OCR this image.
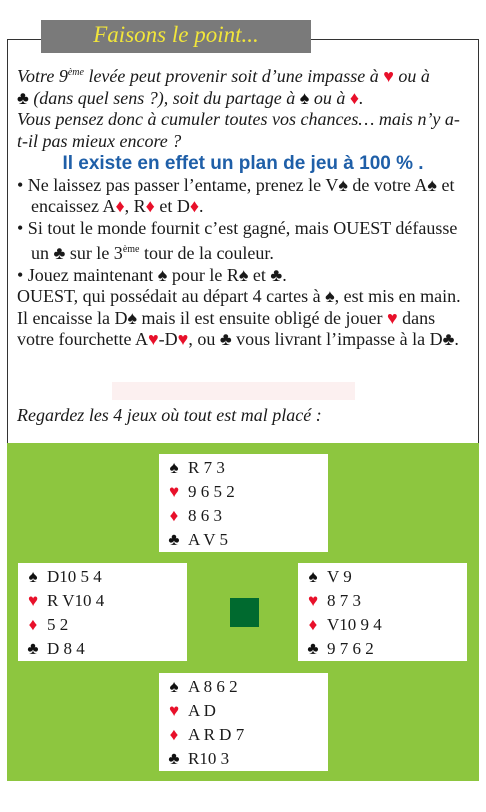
Faisons le point...

Votre 9ème levée peut provenir soit d’une impasse à ♥ ou à
♣ (dans quel sens ?), soit du partage à ♠ ou à ♦.
Vous pensez donc à cumuler toutes vos chances… mais n’y a-t-il pas mieux encore ?

Il existe en effet un plan de jeu à 100 % .

• Ne laissez pas passer l’entame, prenez le V♠ de votre A♠ et encaissez A♦, R♦ et D♦.

• Si tout le monde fournit c’est gagné, mais OUEST défausse un ♣ sur le 3ème tour de la couleur.

• Jouez maintenant ♠ pour le R♠ et ♣.

OUEST, qui possédait au départ 4 cartes à ♠, est mis en main.

Il encaisse la D♠ mais il est ensuite obligé de jouer ♥ dans votre fourchette A♥-D♥, ou ♣ vous livrant l’impasse à la D♣.

Regardez les 4 jeux où tout est mal placé :
♠ R 7 3
♥ 9 6 5 2
♦ 8 6 3
♣ A V 5
♠ D10 5 4
♥ R V10 4
♦ 5 2
♣ D 8 4
♠ V 9
♥ 8 7 3
♦ V10 9 4
♣ 9 7 6 2
♠ A 8 6 2
♥ A D
♦ A R D 7
♣ R10 3
